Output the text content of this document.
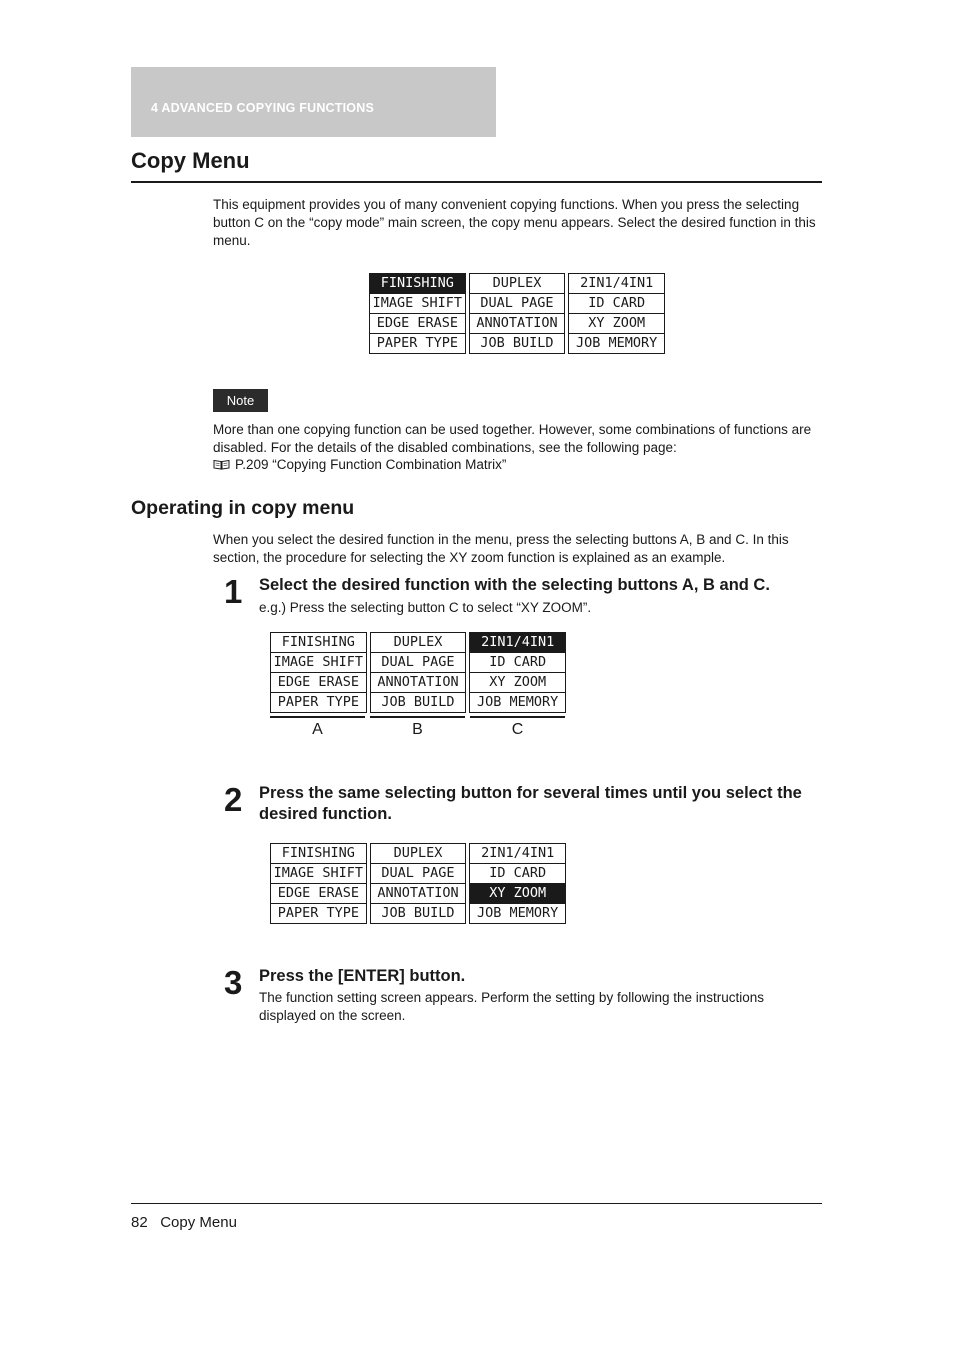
4 ADVANCED COPYING FUNCTIONS
Copy Menu
This equipment provides you of many convenient copying functions. When you press the selecting button C on the “copy mode” main screen, the copy menu appears. Select the desired function in this menu.
FINISHING	DUPLEX	2IN1/4IN1
IMAGE SHIFT	DUAL PAGE	ID CARD
EDGE ERASE	ANNOTATION	XY ZOOM
PAPER TYPE	JOB BUILD	JOB MEMORY
Note
More than one copying function can be used together. However, some combinations of functions are disabled. For the details of the disabled combinations, see the following page:
P.209 “Copying Function Combination Matrix”
Operating in copy menu
When you select the desired function in the menu, press the selecting buttons A, B and C. In this section, the procedure for selecting the XY zoom function is explained as an example.
1 Select the desired function with the selecting buttons A, B and C.
e.g.) Press the selecting button C to select “XY ZOOM”.
FINISHING	DUPLEX	2IN1/4IN1
IMAGE SHIFT	DUAL PAGE	ID CARD
EDGE ERASE	ANNOTATION	XY ZOOM
PAPER TYPE	JOB BUILD	JOB MEMORY
A	B	C
2 Press the same selecting button for several times until you select the desired function.
FINISHING	DUPLEX	2IN1/4IN1
IMAGE SHIFT	DUAL PAGE	ID CARD
EDGE ERASE	ANNOTATION	XY ZOOM
PAPER TYPE	JOB BUILD	JOB MEMORY
3 Press the [ENTER] button.
The function setting screen appears. Perform the setting by following the instructions displayed on the screen.
82 Copy Menu
